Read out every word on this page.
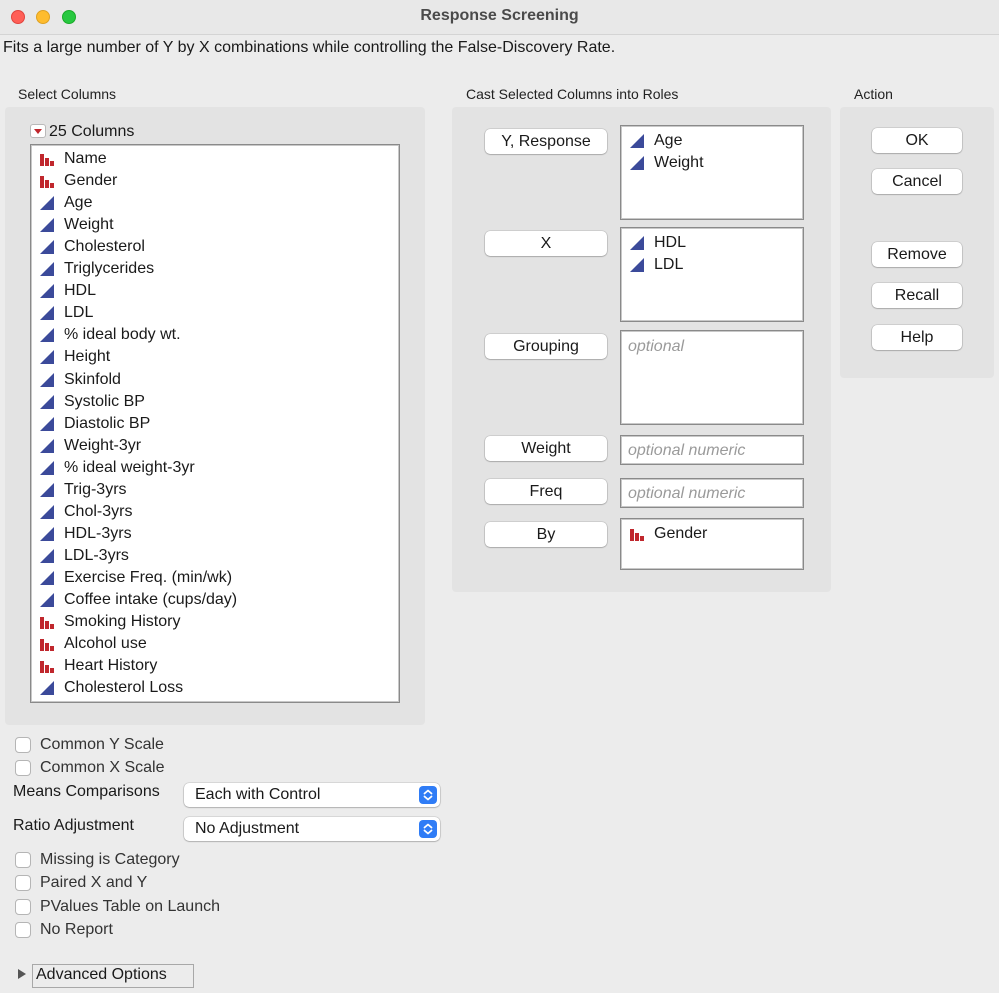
Response Screening
Fits a large number of Y by X combinations while controlling the False-Discovery Rate.
Select Columns
25 Columns
Name
Gender
Age
Weight
Cholesterol
Triglycerides
HDL
LDL
% ideal body wt.
Height
Skinfold
Systolic BP
Diastolic BP
Weight-3yr
% ideal weight-3yr
Trig-3yrs
Chol-3yrs
HDL-3yrs
LDL-3yrs
Exercise Freq. (min/wk)
Coffee intake (cups/day)
Smoking History
Alcohol use
Heart History
Cholesterol Loss
Cast Selected Columns into Roles
Y, Response	Age
Weight
X	HDL
LDL
Grouping	optional
Weight	optional numeric
Freq	optional numeric
By	Gender
Action
OK
Cancel
Remove
Recall
Help
Common Y Scale
Common X Scale
Means Comparisons Each with Control
Ratio Adjustment	No Adjustment
Missing is Category
Paired X and Y
PValues Table on Launch
No Report
Advanced Options
